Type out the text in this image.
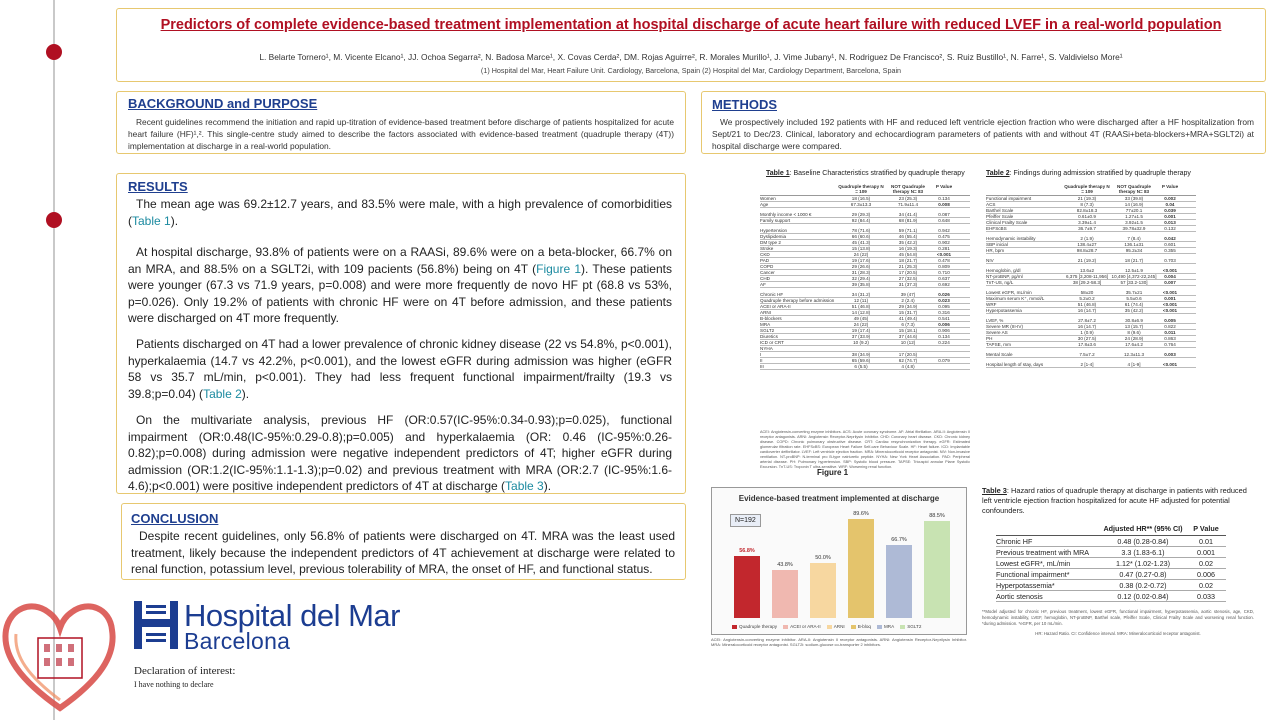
Predictors of complete evidence-based treatment implementation at hospital discharge of acute heart failure with reduced LVEF in a real-world population
L. Belarte Tornero¹, M. Vicente Elcano¹, JJ. Ochoa Segarra², N. Badosa Marce¹, X. Covas Cerda², DM. Rojas Aguirre², R. Morales Murillo¹, J. Vime Jubany¹, N. Rodriguez De Francisco², S. Ruiz Bustillo¹, N. Farre¹, S. Valdivielso More¹
(1) Hospital del Mar, Heart Failure Unit. Cardiology, Barcelona, Spain (2) Hospital del Mar, Cardiology Department, Barcelona, Spain
BACKGROUND and PURPOSE
Recent guidelines recommend the initiation and rapid up-titration of evidence-based treatment before discharge of patients hospitalized for acute heart failure (HF)¹,². This single-centre study aimed to describe the factors associated with evidence-based treatment (quadruple therapy (4T)) implementation at discharge in a real-world population.
METHODS
We prospectively included 192 patients with HF and reduced left ventricle ejection fraction who were discharged after a HF hospitalization from Sept/21 to Dec/23. Clinical, laboratory and echocardiogram parameters of patients with and without 4T (RAASi+beta-blockers+MRA+SGLT2i) at hospital discharge were compared.
RESULTS
The mean age was 69.2±12.7 years, and 83.5% were male, with a high prevalence of comorbidities (Table 1).
At hospital discharge, 93.8% of patients were on a RAASi, 89.6% were on a beta-blocker, 66.7% on an MRA, and 88.5% on a SGLT2i, with 109 pacients (56.8%) being on 4T (Figure 1). These patients were younger (67.3 vs 71.9 years, p=0.008) and were more frequently de novo HF pt (68.8 vs 53%, p=0.026). Only 19.2% of patients with chronic HF were on 4T before admission, and these patients were discharged on 4T more frequently.
Patients discharged on 4T had a lower prevalence of chronic kidney disease (22 vs 54.8%, p<0.001), hyperkalaemia (14.7 vs 42.2%, p<0.001), and the lowest eGFR during admission was higher (eGFR 58 vs 35.7 mL/min, p<0.001). They had less frequent functional impairment/frailty (19.3 vs 39.8;p=0.04) (Table 2).
On the multivariate analysis, previous HF (OR:0.57(IC-95%:0.34-0.93);p=0.025), functional impairment (OR:0.48(IC-95%:0.29-0.8);p=0.005) and hyperkalaemia (OR: 0.46 (IC-95%:0.26-0.82);p=0.008) during admission were negative independent predictors of 4T; higher eGFR during admission (OR:1.2(IC-95%:1.1-1.3);p=0.02) and previous treatment with MRA (OR:2.7 (IC-95%:1.6-4.6);p<0.001) were positive independent predictors of 4T at discharge (Table 3).
CONCLUSION
Despite recent guidelines, only 56.8% of patients were discharged on 4T. MRA was the least used treatment, likely because the independent predictors of 4T achievement at discharge were related to renal function, potassium level, previous tolerability of MRA, the onset of HF, and functional status.
Table 1: Baseline Characteristics stratified by quadruple therapy
Quadruple therapy N = 109
NOT Quadruple therapy N= 83
P Value
Women	18 (16.5)	23 (25.3)	0.134
Age	67.3±13.3	71.9±11.4	0.008
Monthly income < 1000 €	29 (29.3)	34 (41.4)	0.087
Family support	92 (84.4)	68 (81.9)	0.648
Hypertension	78 (71.6)	59 (71.1)	0.942
Dyslipidemia	66 (60.6)	46 (55.4)	0.475
DM type 2	45 (41.3)	35 (42.2)	0.902
Stroke	15 (13.8)	16 (19.3)	0.281
CKD	24 (22)	45 (54.8)	<0.001
PAD	19 (17.6)	18 (21.7)	0.478
COPD	29 (26.6)	21 (25.3)	0.809
Cancer	31 (28.3)	17 (20.5)	0.710
CHD	32 (29.4)	27 (32.5)	0.637
AF	39 (35.8)	31 (37.3)	0.692
Chronic HF	34 (31.2)	39 (47)	0.026
Quadruple therapy before admission	12 (11)	2 (2.4)	0.023
ACEI or ARA-II	51 (46.8)	29 (34.9)	0.095
ARNI	14 (12.8)	15 (31.7)	0.316
B-blockers	49 (45)	41 (49.4)	0.541
MRA	24 (22)	6 (7.3)	0.006
SGLT2	19 (17.4)	15 (18.1)	0.906
Diuretics	37 (33.9)	37 (44.6)	0.134
ICD or CRT	10 (9.2)	10 (12)	0.224
NYHA
I	38 (34.9)	17 (20.5)
II	65 (59.6)	62 (74.7)	0.079
III	6 (5.5)	4 (4.8)
ACEI: Angiotensin-converting enzyme inhibitors. ACS: Acute coronary syndrome. AF: Atrial fibrillation. ARA-II: Angiotensin II receptor antagonists. ARNI: Angiotensin Receptor-Neprilysin Inhibitor. CHD: Coronary heart disease. CKD: Chronic kidney disease. COPD: Chronic pulmonary obstructive disease. CRT: Cardiac resynchronization therapy. eGFR: Estimated glomerular filtration rate. EHFScBS: European Heart Failure Self-care Behaviour Scale. HF: Heart failure. ICD: Implantable cardioverter defibrillator. LVEF: Left ventricle ejection fraction. MRA: Mineralocorticoid receptor antagonist. NIV: Non-invasive ventilation. NT-proBNP: N-terminal pro B-type natriuretic peptide. NYHA: New York Heart Association. PAD: Peripheral arterial disease. PH: Pulmonary hypertension. SBP: Systolic blood pressure. TAPSE: Tricuspid annular Plane Systolic Excursion. TnT-US: Troponin T ultra-sensitive. WRF: Worsening renal function.
Table 2: Findings during admission stratified by quadruple therapy
Quadruple therapy N = 109
NOT Quadruple therapy N= 83
P Value
Functional impairment	21 (19.3)	33 (39.8)	0.002
ACS	8 (7.3)	14 (16.9)	0.04
Barthel Scale	82.8±18.3	77±20.1	0.039
Pfeiffer Scale	0.61±0.9	1.27±1.5	0.001
Clinical Frailty Scale	3.39±1.4	3.92±1.5	0.013
EHFScBS	36.7±9.7	39.78±32.9	0.132
Hemodynamic instability	2 (1.9)	7 (8.4)	0.042
SBP inicial	138.4±27	136.1±31	0.601
HR, bpm	98.8±28.7	95.2±34	0.355
NIV	21 (19.2)	18 (21.7)	0.703
Hemoglobin, g/dl	13.6±2	12.5±1.9	<0.001
NT-proBNP, pg/ml	6,375 [3,208-11,956] 10,490 [4,372-22,245]	0.004
TnT-US, ng/L	38 [29.2-58.3]	57 [33.2-130]	0.007
Lowest eGFR, mL/min	58±20	35.7±21	<0.001
Maximum serum K⁺, mmol/L	5.2±0.2	5.5±0.6	0.001
WRF	51 (46.8)	61 (74.4)	<0.001
Hyperpotassemia	16 (14.7)	35 (42.2)	<0.001
LVEF, %	27.8±7.2	30.8±6.9	0.005
Severe MR (III-IV)	16 (14.7)	13 (15.7)	0.822
Severe AS	1 (0.9)	8 (9.6)	0.011
PH	30 (27.5)	24 (28.9)	0.863
TAPSE, mm	17.8±3.6	17.6±4.2	0.764
Mental Scale	7.5±7.2	12.3±11.3	0.003
Hospital length of stay, days	2 [1-4]	4 [1-9]	<0.001
Figure 1
Evidence-based treatment implemented at discharge
N=192
56.8%
43.8%
50.0%
89.6%
66.7%
88.5%
Quadruple therapy	ACEI or ARA-II	ARNI	B-bloq	MRA	SGLT2
ACEI: Angiotensin-converting enzyme inhibitor. ARA-II: Angiotensin II receptor antagonists. ARNI: Angiotensin Receptor-Neprilysin Inhibitor. MRA: Mineralocorticoid receptor antagonist. SGLT2i: sodium-glucose co-transporter 2 inhibitors.
Table 3: Hazard ratios of quadruple therapy at discharge in patients with reduced left ventricle ejection fraction hospitalized for acute HF adjusted for potential confounders.
Adjusted HR** (95% CI)	P Value
Chronic HF	0.48 (0.28-0.84)	0.01
Previous treatment with MRA	3.3 (1.83-6.1)	0.001
Lowest eGFR*, mL/min	1.12* (1.02-1.23)	0.02
Functional impairment*	0.47 (0.27-0.8)	0.006
Hyperpotassemia*	0.38 (0.2-0.72)	0.02
Aortic stenosis	0.12 (0.02-0.84)	0.033
**Model adjusted for chronic HF, previous treatment, lowest eGFR, functional impairment, hyperpotassemia, aortic stenosis, age, CKD, hemodynamic instability, LVEF, hemoglobin, NT-proBNP, Barthel scale, Pfeiffer Scale, Clinical Frailty Scale and worsening renal function. *during admission. *eGFR, per 10 mL/min.
HR: Hazard Ratio. CI: Confidence interval. MRA: Mineralocorticoid receptor antagonist.
Hospital del Mar
Barcelona
Declaration of interest:
I have nothing to declare
